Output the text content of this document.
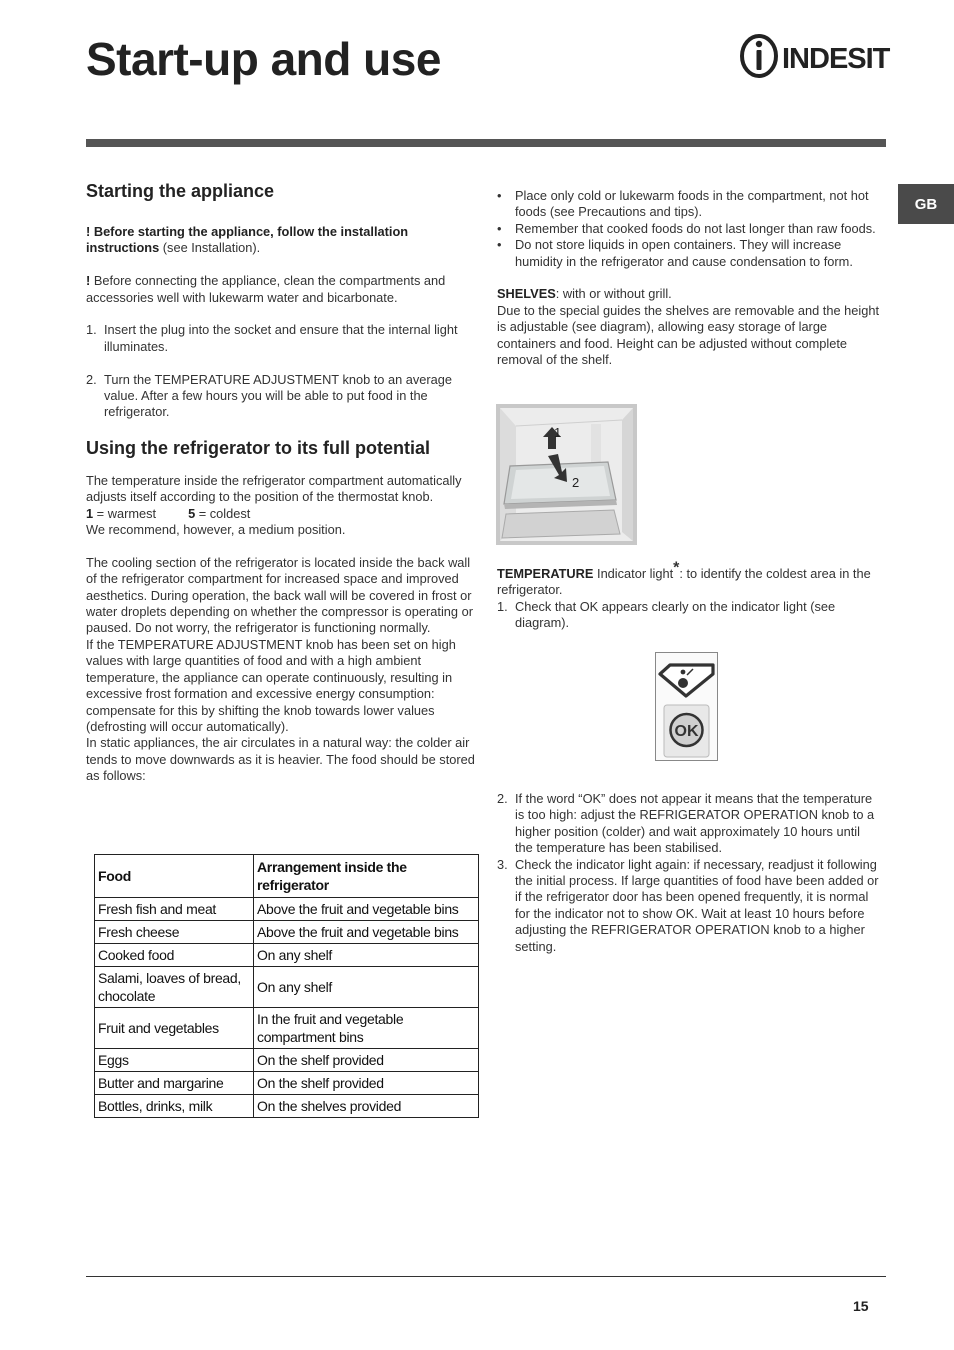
Start-up and use	INDESIT
GB
Starting the appliance

! Before starting the appliance, follow the installation instructions (see Installation).

! Before connecting the appliance, clean the compartments and accessories well with lukewarm water and bicarbonate.

1. Insert the plug into the socket and ensure that the internal light illuminates.
2. Turn the TEMPERATURE ADJUSTMENT knob to an average value. After a few hours you will be able to put food in the refrigerator.
Using the refrigerator to its full potential

The temperature inside the refrigerator compartment automatically adjusts itself according to the position of the thermostat knob.

1 = warmest	5 = coldest

We recommend, however, a medium position.

The cooling section of the refrigerator is located inside the back wall of the refrigerator compartment for increased space and improved aesthetics. During operation, the back wall will be covered in frost or water droplets depending on whether the compressor is operating or paused. Do not worry, the refrigerator is functioning normally.

If the TEMPERATURE ADJUSTMENT knob has been set on high values with large quantities of food and with a high ambient temperature, the appliance can operate continuously, resulting in excessive frost formation and excessive energy consumption: compensate for this by shifting the knob towards lower values (defrosting will occur automatically).

In static appliances, the air circulates in a natural way: the colder air tends to move downwards as it is heavier. The food should be stored as follows:

Food	Arrangement inside the refrigerator
Fresh fish and meat	Above the fruit and vegetable bins
Fresh cheese	Above the fruit and vegetable bins
Cooked food	On any shelf
Salami, loaves of bread, chocolate	On any shelf
Fruit and vegetables	In the fruit and vegetable compartment bins
Eggs	On the shelf provided
Butter and margarine	On the shelf provided
Bottles, drinks, milk	On the shelves provided
• Place only cold or lukewarm foods in the compartment, not hot foods (see Precautions and tips).
• Remember that cooked foods do not last longer than raw foods.
• Do not store liquids in open containers. They will increase humidity in the refrigerator and cause condensation to form.

SHELVES: with or without grill.

Due to the special guides the shelves are removable and the height is adjustable (see diagram), allowing easy storage of large containers and food. Height can be adjusted without complete removal of the shelf.

1
2

TEMPERATURE Indicator light*: to identify the coldest area in the refrigerator.

1. Check that OK appears clearly on the indicator light (see diagram).
OK
2. If the word “OK” does not appear it means that the temperature is too high: adjust the REFRIGERATOR OPERATION knob to a higher position (colder) and wait approximately 10 hours until the temperature has been stabilised.
3. Check the indicator light again: if necessary, readjust it following the initial process. If large quantities of food have been added or if the refrigerator door has been opened frequently, it is normal for the indicator not to show OK. Wait at least 10 hours before adjusting the REFRIGERATOR OPERATION knob to a higher setting.
15
